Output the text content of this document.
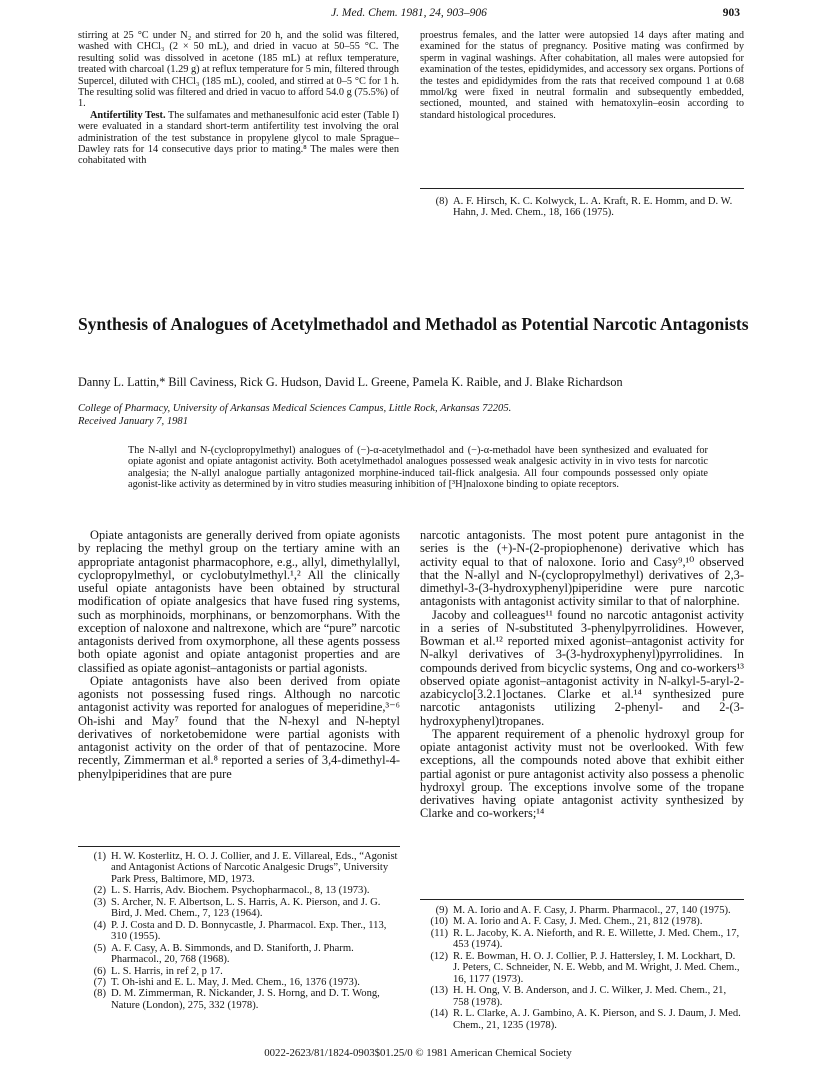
J. Med. Chem. 1981, 24, 903–906	903

stirring at 25 °C under N₂ and stirred for 20 h, and the solid was filtered, washed with CHCl₃ (2 × 50 mL), and dried in vacuo at 50–55 °C. The resulting solid was dissolved in acetone (185 mL) at reflux temperature, treated with charcoal (1.29 g) at reflux temperature for 5 min, filtered through Supercel, diluted with CHCl₃ (185 mL), cooled, and stirred at 0–5 °C for 1 h. The resulting solid was filtered and dried in vacuo to afford 54.0 g (75.5%) of 1.

Antifertility Test. The sulfamates and methanesulfonic acid ester (Table I) were evaluated in a standard short-term antifertility test involving the oral administration of the test substance in propylene glycol to male Sprague–Dawley rats for 14 consecutive days prior to mating.⁸ The males were then cohabitated with

proestrus females, and the latter were autopsied 14 days after mating and examined for the status of pregnancy. Positive mating was confirmed by sperm in vaginal washings. After cohabitation, all males were autopsied for examination of the testes, epididymides, and accessory sex organs. Portions of the testes and epididymides from the rats that received compound 1 at 0.68 mmol/kg were fixed in neutral formalin and subsequently embedded, sectioned, mounted, and stained with hematoxylin–eosin according to standard histological procedures.

(8) A. F. Hirsch, K. C. Kolwyck, L. A. Kraft, R. E. Homm, and D. W. Hahn, J. Med. Chem., 18, 166 (1975).
Synthesis of Analogues of Acetylmethadol and Methadol as Potential Narcotic Antagonists
Danny L. Lattin,* Bill Caviness, Rick G. Hudson, David L. Greene, Pamela K. Raible, and J. Blake Richardson
College of Pharmacy, University of Arkansas Medical Sciences Campus, Little Rock, Arkansas 72205.
Received January 7, 1981
The N-allyl and N-(cyclopropylmethyl) analogues of (−)-α-acetylmethadol and (−)-α-methadol have been synthesized and evaluated for opiate agonist and opiate antagonist activity. Both acetylmethadol analogues possessed weak analgesic activity in in vivo tests for narcotic analgesia; the N-allyl analogue partially antagonized morphine-induced tail-flick analgesia. All four compounds possessed only opiate agonist-like activity as determined by in vitro studies measuring inhibition of [³H]naloxone binding to opiate receptors.

Opiate antagonists are generally derived from opiate agonists by replacing the methyl group on the tertiary amine with an appropriate antagonist pharmacophore, e.g., allyl, dimethylallyl, cyclopropylmethyl, or cyclobutylmethyl.¹,² All the clinically useful opiate antagonists have been obtained by structural modification of opiate analgesics that have fused ring systems, such as morphinoids, morphinans, or benzomorphans. With the exception of naloxone and naltrexone, which are “pure” narcotic antagonists derived from oxymorphone, all these agents possess both opiate agonist and opiate antagonist properties and are classified as opiate agonist–antagonists or partial agonists.

Opiate antagonists have also been derived from opiate agonists not possessing fused rings. Although no narcotic antagonist activity was reported for analogues of meperidine,³⁻⁶ Oh-ishi and May⁷ found that the N-hexyl and N-heptyl derivatives of norketobemidone were partial agonists with antagonist activity on the order of that of pentazocine. More recently, Zimmerman et al.⁸ reported a series of 3,4-dimethyl-4-phenylpiperidines that are pure

narcotic antagonists. The most potent pure antagonist in the series is the (+)-N-(2-propiophenone) derivative which has activity equal to that of naloxone. Iorio and Casy⁹,¹⁰ observed that the N-allyl and N-(cyclopropylmethyl) derivatives of 2,3-dimethyl-3-(3-hydroxyphenyl)piperidine were pure narcotic antagonists with antagonist activity similar to that of nalorphine.

Jacoby and colleagues¹¹ found no narcotic antagonist activity in a series of N-substituted 3-phenylpyrrolidines. However, Bowman et al.¹² reported mixed agonist–antagonist activity for N-alkyl derivatives of 3-(3-hydroxyphenyl)pyrrolidines. In compounds derived from bicyclic systems, Ong and co-workers¹³ observed opiate agonist–antagonist activity in N-alkyl-5-aryl-2-azabicyclo[3.2.1]octanes. Clarke et al.¹⁴ synthesized pure narcotic antagonists utilizing 2-phenyl- and 2-(3-hydroxyphenyl)tropanes.

The apparent requirement of a phenolic hydroxyl group for opiate antagonist activity must not be overlooked. With few exceptions, all the compounds noted above that exhibit either partial agonist or pure antagonist activity also possess a phenolic hydroxyl group. The exceptions involve some of the tropane derivatives having opiate antagonist activity synthesized by Clarke and co-workers;¹⁴

(1) H. W. Kosterlitz, H. O. J. Collier, and J. E. Villareal, Eds., “Agonist and Antagonist Actions of Narcotic Analgesic Drugs”, University Park Press, Baltimore, MD, 1973.
(2) L. S. Harris, Adv. Biochem. Psychopharmacol., 8, 13 (1973).
(3) S. Archer, N. F. Albertson, L. S. Harris, A. K. Pierson, and J. G. Bird, J. Med. Chem., 7, 123 (1964).
(4) P. J. Costa and D. D. Bonnycastle, J. Pharmacol. Exp. Ther., 113, 310 (1955).
(5) A. F. Casy, A. B. Simmonds, and D. Staniforth, J. Pharm. Pharmacol., 20, 768 (1968).
(6) L. S. Harris, in ref 2, p 17.
(7) T. Oh-ishi and E. L. May, J. Med. Chem., 16, 1376 (1973).
(8) D. M. Zimmerman, R. Nickander, J. S. Horng, and D. T. Wong, Nature (London), 275, 332 (1978).
(9) M. A. Iorio and A. F. Casy, J. Pharm. Pharmacol., 27, 140 (1975).
(10) M. A. Iorio and A. F. Casy, J. Med. Chem., 21, 812 (1978).
(11) R. L. Jacoby, K. A. Nieforth, and R. E. Willette, J. Med. Chem., 17, 453 (1974).
(12) R. E. Bowman, H. O. J. Collier, P. J. Hattersley, I. M. Lockhart, D. J. Peters, C. Schneider, N. E. Webb, and M. Wright, J. Med. Chem., 16, 1177 (1973).
(13) H. H. Ong, V. B. Anderson, and J. C. Wilker, J. Med. Chem., 21, 758 (1978).
(14) R. L. Clarke, A. J. Gambino, A. K. Pierson, and S. J. Daum, J. Med. Chem., 21, 1235 (1978).
0022-2623/81/1824-0903$01.25/0 © 1981 American Chemical Society
